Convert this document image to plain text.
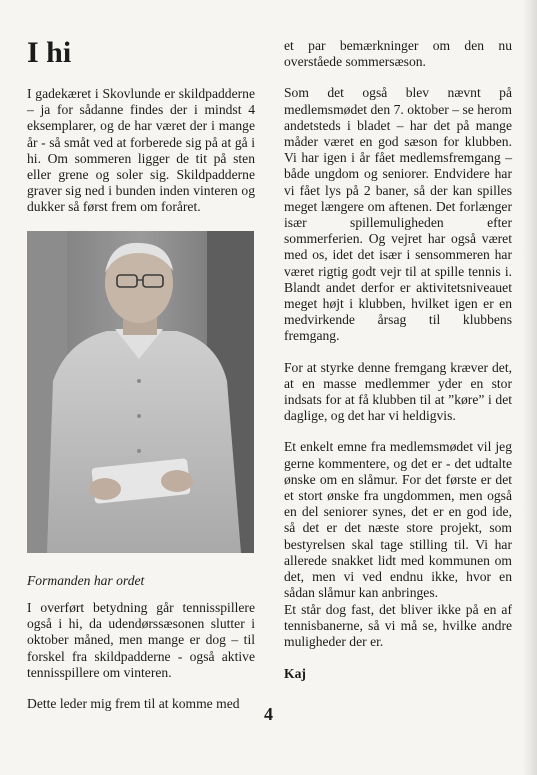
I hi

I gadekæret i Skovlunde er skildpadderne – ja for sådanne findes der i mindst 4 eksemplarer, og de har været der i mange år - så småt ved at forberede sig på at gå i hi. Om sommeren ligger de tit på sten eller grene og soler sig. Skildpadderne graver sig ned i bunden inden vinteren og dukker så først frem om foråret.

Formanden har ordet

I overført betydning går tennisspillere også i hi, da udendørssæsonen slutter i oktober måned, men mange er dog – til forskel fra skildpadderne - også aktive tennisspillere om vinteren.

Dette leder mig frem til at komme med

et par bemærkninger om den nu overståede sommersæson.

Som det også blev nævnt på medlemsmødet den 7. oktober – se herom andetsteds i bladet – har det på mange måder været en god sæson for klubben. Vi har igen i år fået medlemsfremgang – både ungdom og seniorer. Endvidere har vi fået lys på 2 baner, så der kan spilles meget længere om aftenen. Det forlænger især spillemuligheden efter sommerferien. Og vejret har også været med os, idet det især i sensommeren har været rigtig godt vejr til at spille tennis i. Blandt andet derfor er aktivitetsniveauet meget højt i klubben, hvilket igen er en medvirkende årsag til klubbens fremgang.

For at styrke denne fremgang kræver det, at en masse medlemmer yder en stor indsats for at få klubben til at ”køre” i det daglige, og det har vi heldigvis.

Et enkelt emne fra medlemsmødet vil jeg gerne kommentere, og det er - det udtalte ønske om en slåmur. For det første er det et stort ønske fra ungdommen, men også en del seniorer synes, det er en god ide, så det er det næste store projekt, som bestyrelsen skal tage stilling til. Vi har allerede snakket lidt med kommunen om det, men vi ved endnu ikke, hvor en sådan slåmur kan anbringes.

Et står dog fast, det bliver ikke på en af tennisbanerne, så vi må se, hvilke andre muligheder der er.

Kaj

4
